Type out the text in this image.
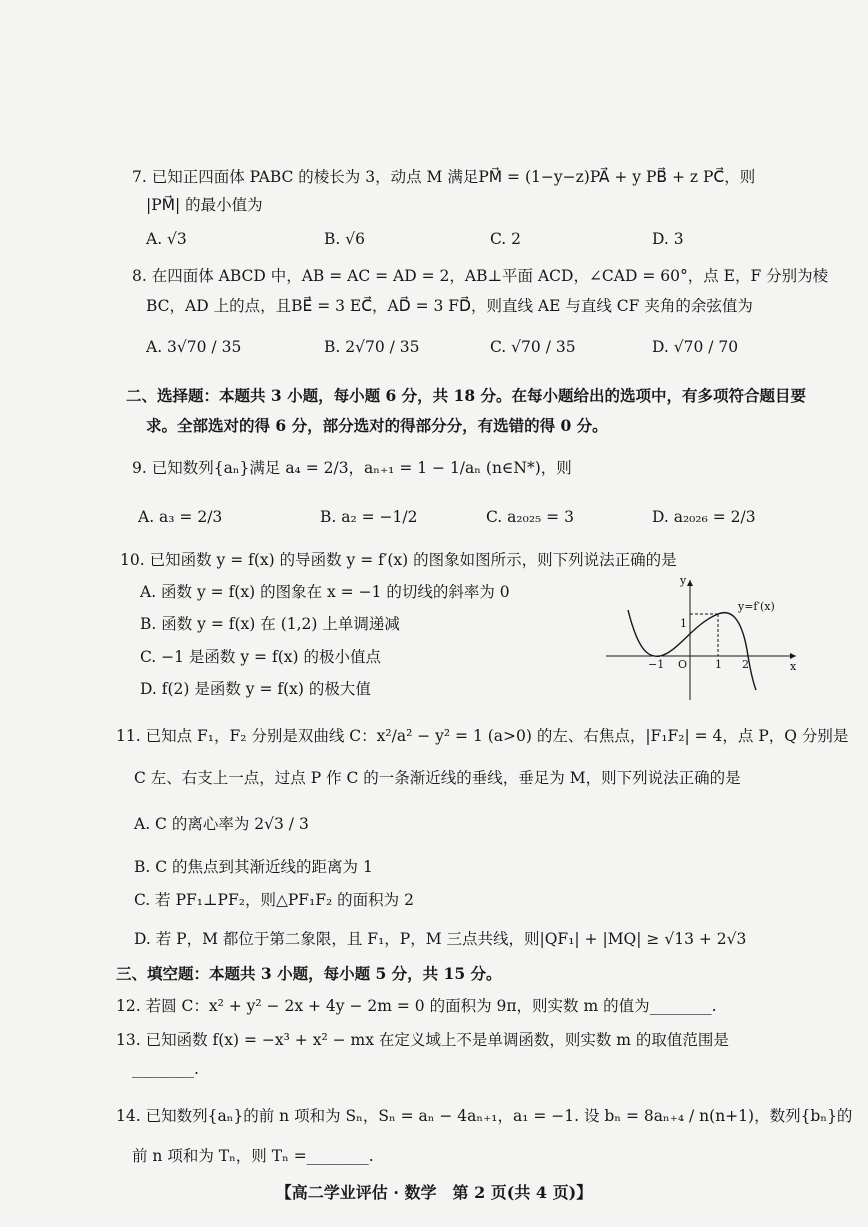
7. 已知正四面体 PABC 的棱长为 3，动点 M 满足PM⃗ = (1−y−z)PA⃗ + y PB⃗ + z PC⃗，则
|PM⃗| 的最小值为
A. √3	B. √6	C. 2	D. 3
8. 在四面体 ABCD 中，AB = AC = AD = 2，AB⊥平面 ACD，∠CAD = 60°，点 E，F 分别为棱
BC，AD 上的点，且BE⃗ = 3 EC⃗，AD⃗ = 3 FD⃗，则直线 AE 与直线 CF 夹角的余弦值为
A. 3√70 / 35	B. 2√70 / 35	C. √70 / 35	D. √70 / 70
二、选择题：本题共 3 小题，每小题 6 分，共 18 分。在每小题给出的选项中，有多项符合题目要
求。全部选对的得 6 分，部分选对的得部分分，有选错的得 0 分。
9. 已知数列{aₙ}满足 a₄ = 2/3，aₙ₊₁ = 1 − 1/aₙ (n∈N*)，则
A. a₃ = 2/3	B. a₂ = −1/2	C. a₂₀₂₅ = 3	D. a₂₀₂₆ = 2/3
10. 已知函数 y = f(x) 的导函数 y = f′(x) 的图象如图所示，则下列说法正确的是
A. 函数 y = f(x) 的图象在 x = −1 的切线的斜率为 0
B. 函数 y = f(x) 在 (1,2) 上单调递减
C. −1 是函数 y = f(x) 的极小值点
D. f(2) 是函数 y = f(x) 的极大值
y
x
−1 O	1 2
1
y=f′(x)
11. 已知点 F₁，F₂ 分别是双曲线 C：x²/a² − y² = 1 (a>0) 的左、右焦点，|F₁F₂| = 4，点 P，Q 分别是
C 左、右支上一点，过点 P 作 C 的一条渐近线的垂线，垂足为 M，则下列说法正确的是
A. C 的离心率为 2√3 / 3
B. C 的焦点到其渐近线的距离为 1
C. 若 PF₁⊥PF₂，则△PF₁F₂ 的面积为 2
D. 若 P，M 都位于第二象限，且 F₁，P，M 三点共线，则|QF₁| + |MQ| ≥ √13 + 2√3
三、填空题：本题共 3 小题，每小题 5 分，共 15 分。
12. 若圆 C：x² + y² − 2x + 4y − 2m = 0 的面积为 9π，则实数 m 的值为________.
13. 已知函数 f(x) = −x³ + x² − mx 在定义域上不是单调函数，则实数 m 的取值范围是
________.
14. 已知数列{aₙ}的前 n 项和为 Sₙ，Sₙ = aₙ − 4aₙ₊₁，a₁ = −1. 设 bₙ = 8aₙ₊₄ / n(n+1)，数列{bₙ}的
前 n 项和为 Tₙ，则 Tₙ =________.
【高二学业评估 · 数学　第 2 页(共 4 页)】
